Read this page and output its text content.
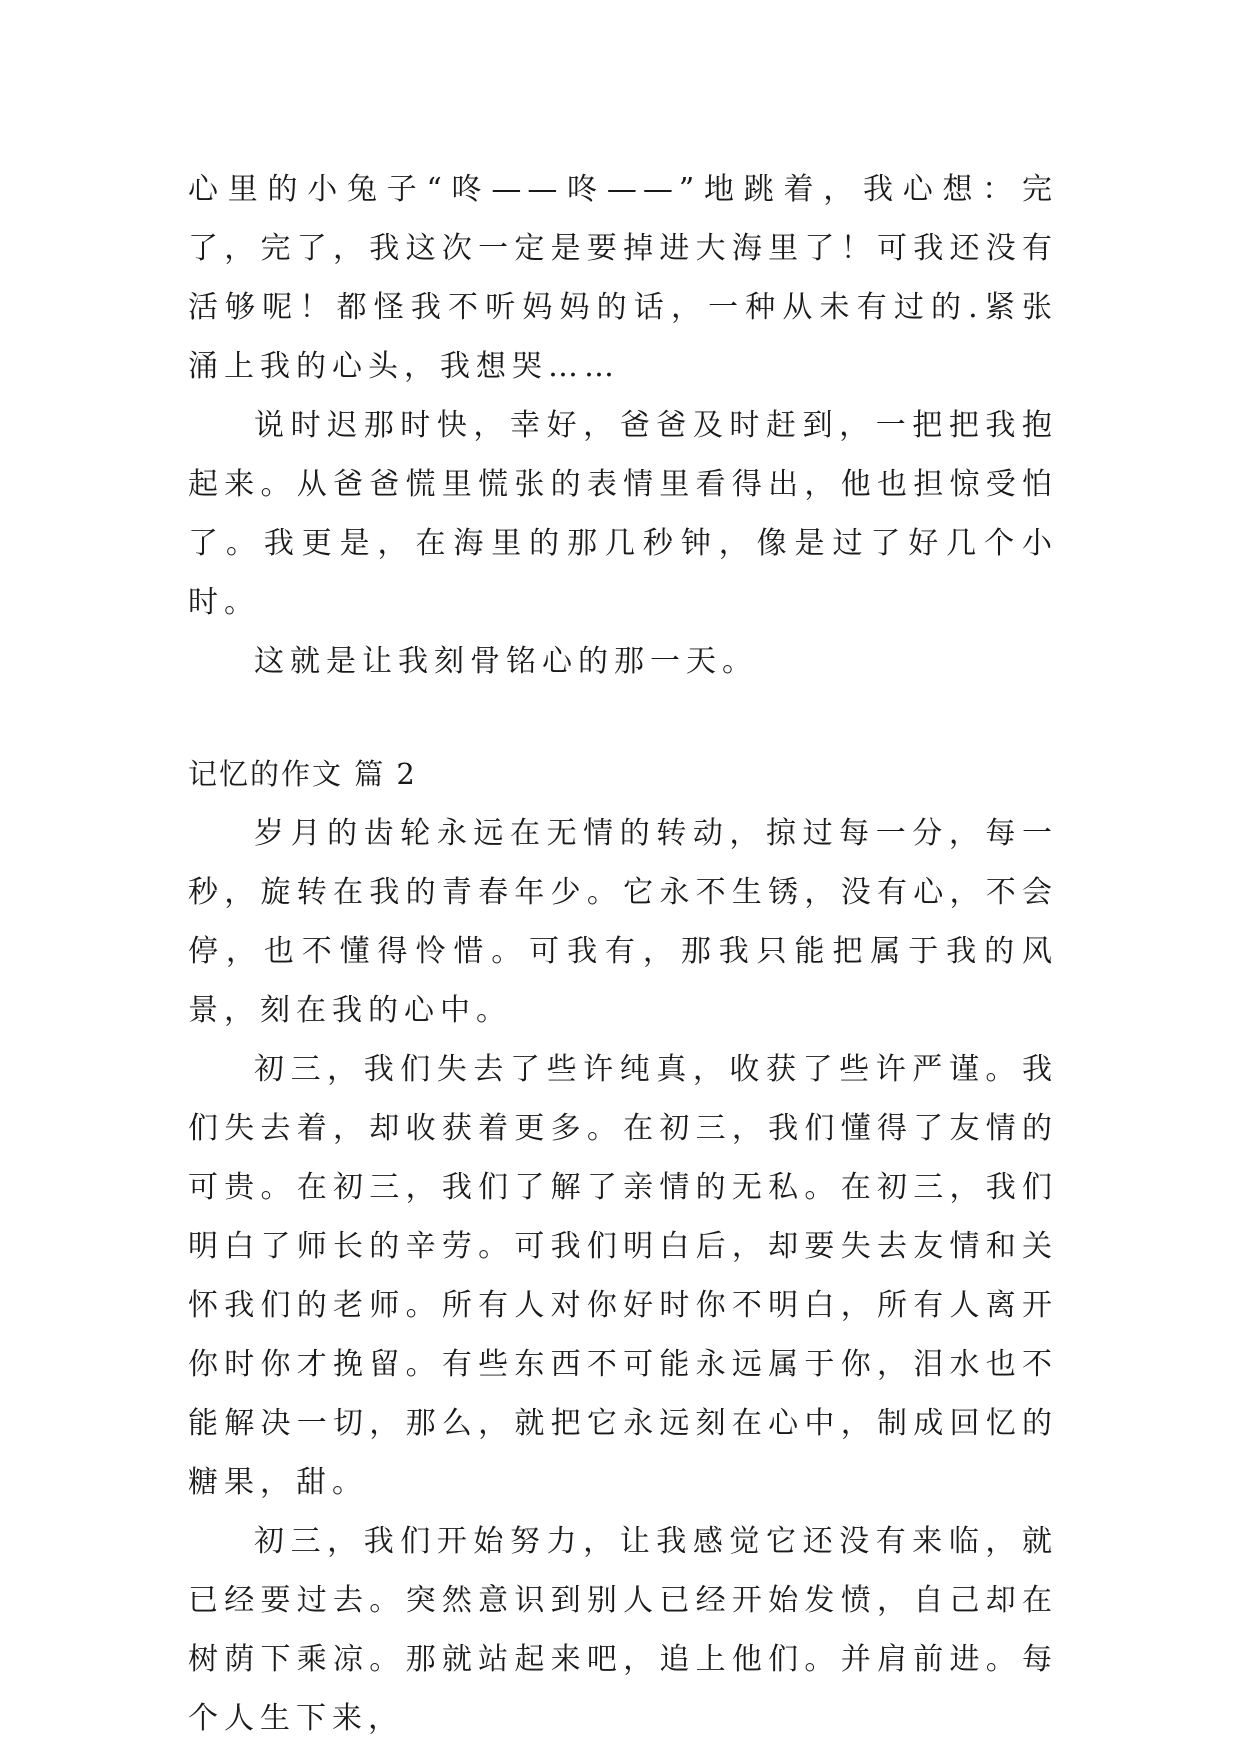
心里的小兔子“咚——咚——”地跳着，我心想：完了，完了，我这次一定是要掉进大海里了！可我还没有活够呢！都怪我不听妈妈的话，一种从未有过的.紧张涌上我的心头，我想哭……

说时迟那时快，幸好，爸爸及时赶到，一把把我抱起来。从爸爸慌里慌张的表情里看得出，他也担惊受怕了。我更是，在海里的那几秒钟，像是过了好几个小时。

这就是让我刻骨铭心的那一天。

记忆的作文 篇 2

岁月的齿轮永远在无情的转动，掠过每一分，每一秒，旋转在我的青春年少。它永不生锈，没有心，不会停，也不懂得怜惜。可我有，那我只能把属于我的风景，刻在我的心中。

初三，我们失去了些许纯真，收获了些许严谨。我们失去着，却收获着更多。在初三，我们懂得了友情的可贵。在初三，我们了解了亲情的无私。在初三，我们明白了师长的辛劳。可我们明白后，却要失去友情和关怀我们的老师。所有人对你好时你不明白，所有人离开你时你才挽留。有些东西不可能永远属于你，泪水也不能解决一切，那么，就把它永远刻在心中，制成回忆的糖果，甜。

初三，我们开始努力，让我感觉它还没有来临，就已经要过去。突然意识到别人已经开始发愤，自己却在树荫下乘凉。那就站起来吧，追上他们。并肩前进。每个人生下来，
